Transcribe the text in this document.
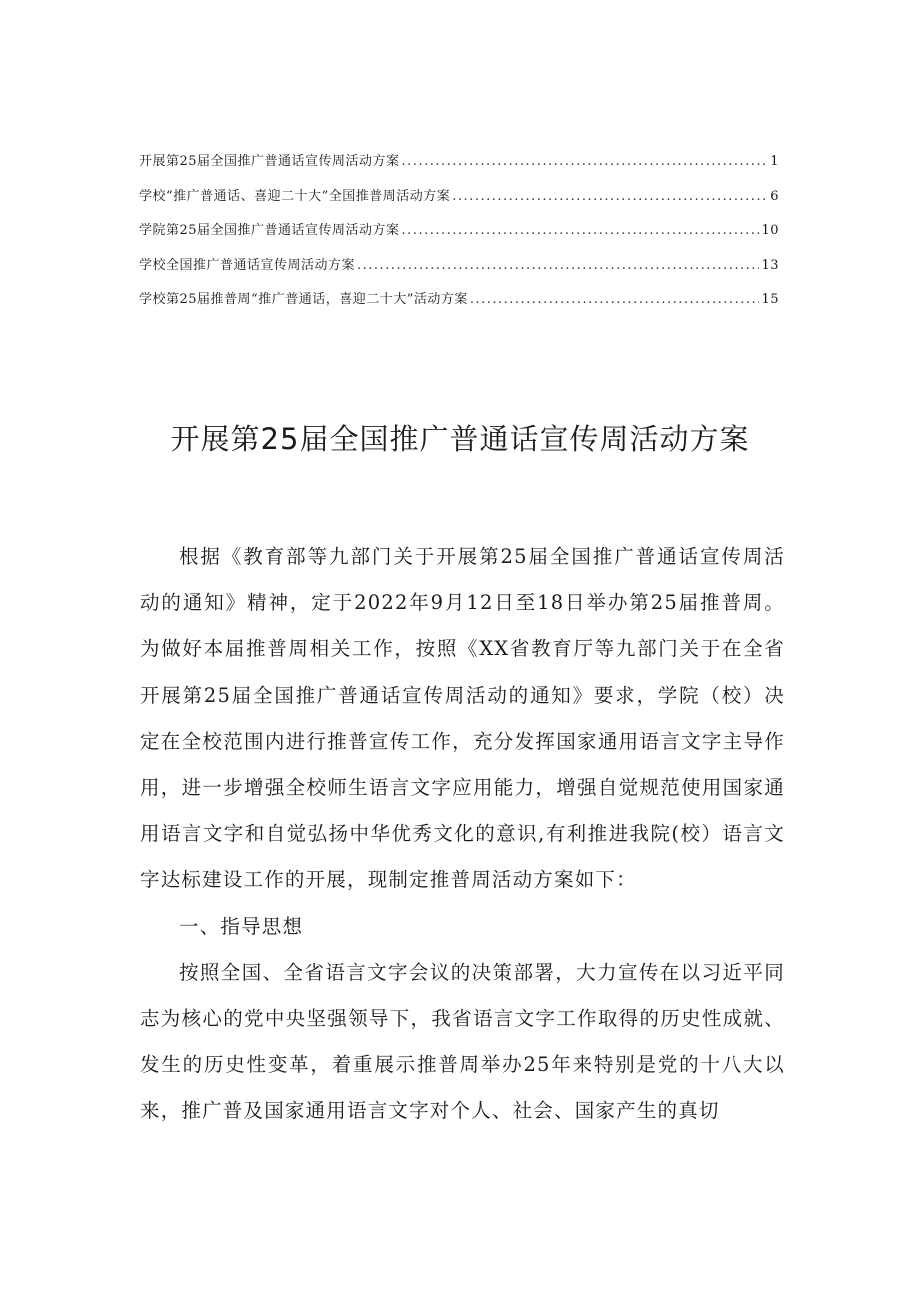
开展第25届全国推广普通话宣传周活动方案 .....	1
学校“推广普通话、喜迎二十大”全国推普周活动方案 .....	6
学院第25届全国推广普通话宣传周活动方案 .....	10
学校全国推广普通话宣传周活动方案 .....	13
学校第25届推普周“推广普通话，喜迎二十大”活动方案 .....	15
开展第25届全国推广普通话宣传周活动方案

根据《教育部等九部门关于开展第25届全国推广普通话宣传周活动的通知》精神，定于2022年9月12日至18日举办第25届推普周。为做好本届推普周相关工作，按照《XX省教育厅等九部门关于在全省开展第25届全国推广普通话宣传周活动的通知》要求，学院（校）决定在全校范围内进行推普宣传工作，充分发挥国家通用语言文字主导作用，进一步增强全校师生语言文字应用能力，增强自觉规范使用国家通用语言文字和自觉弘扬中华优秀文化的意识,有利推进我院(校）语言文字达标建设工作的开展，现制定推普周活动方案如下：

一、指导思想

按照全国、全省语言文字会议的决策部署，大力宣传在以习近平同志为核心的党中央坚强领导下，我省语言文字工作取得的历史性成就、发生的历史性变革，着重展示推普周举办25年来特别是党的十八大以来，推广普及国家通用语言文字对个人、社会、国家产生的真切
